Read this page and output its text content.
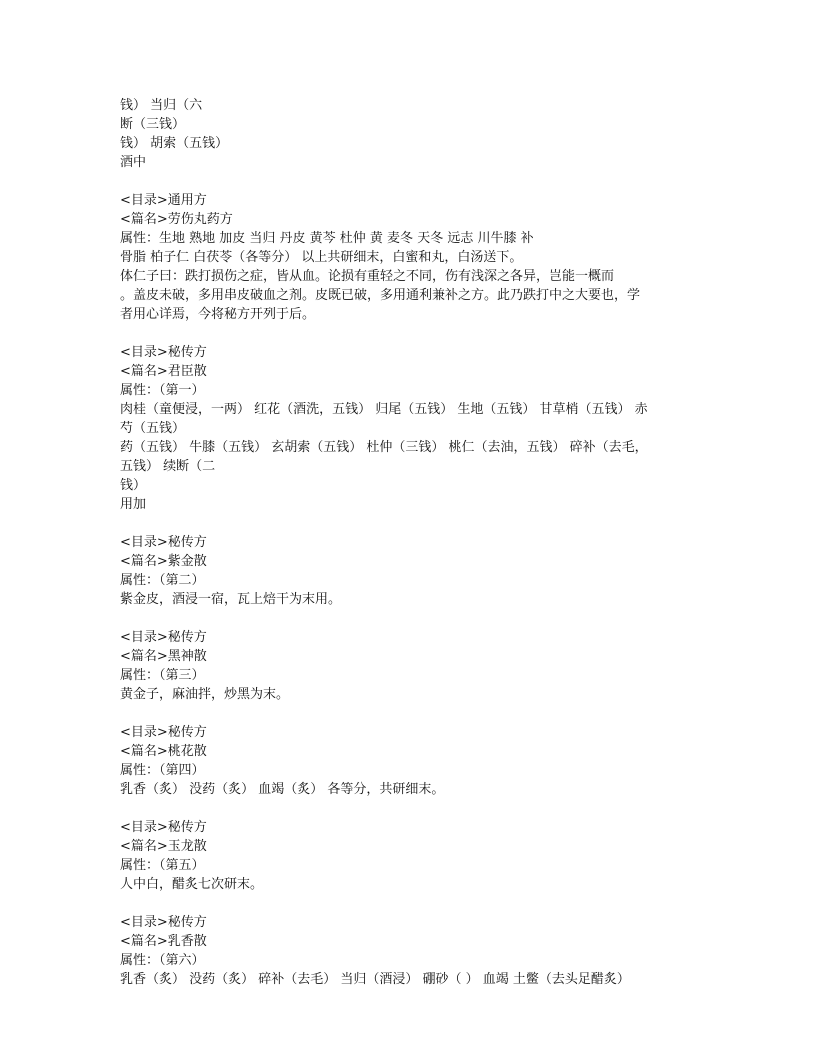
钱） 当归（六
断（三钱）
钱） 胡索（五钱）
酒中
<目录>通用方
<篇名>劳伤丸药方
属性：生地 熟地 加皮 当归 丹皮 黄芩 杜仲 黄 麦冬 天冬 远志 川牛膝 补
骨脂 柏子仁 白茯苓（各等分） 以上共研细末，白蜜和丸，白汤送下。
体仁子曰：跌打损伤之症，皆从血。论损有重轻之不同，伤有浅深之各异，岂能一概而
。盖皮未破，多用串皮破血之剂。皮既已破，多用通利兼补之方。此乃跌打中之大要也，学
者用心详焉，今将秘方开列于后。
<目录>秘传方
<篇名>君臣散
属性：（第一）
肉桂（童便浸，一两） 红花（酒洗，五钱） 归尾（五钱） 生地（五钱） 甘草梢（五钱） 赤
芍（五钱）
药（五钱） 牛膝（五钱） 玄胡索（五钱） 杜仲（三钱） 桃仁（去油，五钱） 碎补（去毛，
五钱） 续断（二
钱）
用加
<目录>秘传方
<篇名>紫金散
属性：（第二）
紫金皮，酒浸一宿，瓦上焙干为末用。
<目录>秘传方
<篇名>黑神散
属性：（第三）
黄金子，麻油拌，炒黑为末。
<目录>秘传方
<篇名>桃花散
属性：（第四）
乳香（炙） 没药（炙） 血竭（炙） 各等分，共研细末。
<目录>秘传方
<篇名>玉龙散
属性：（第五）
人中白，醋炙七次研末。
<目录>秘传方
<篇名>乳香散
属性：（第六）
乳香（炙） 没药（炙） 碎补（去毛） 当归（酒浸） 硼砂（ ） 血竭 土鳖（去头足醋炙）
